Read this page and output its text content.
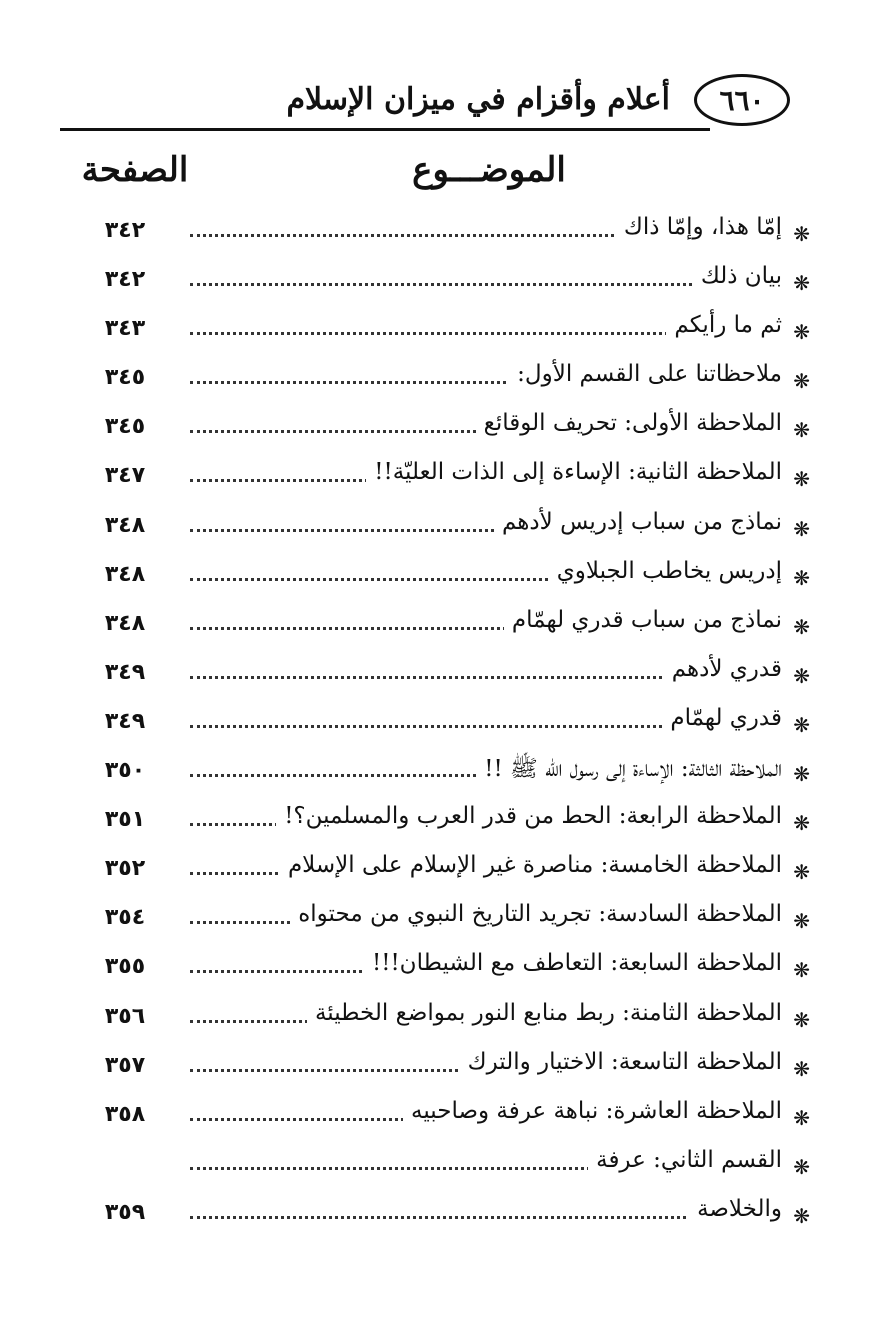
٦٦٠
أعلام وأقزام في ميزان الإسلام
الموضـــوع
الصفحة
❋
إمّا هذا، وإمّا ذاك
٣٤٢
❋
بيان ذلك
٣٤٢
❋
ثم ما رأيكم
٣٤٣
❋
ملاحظاتنا على القسم الأول:
٣٤٥
❋
الملاحظة الأولى: تحريف الوقائع
٣٤٥
❋
الملاحظة الثانية: الإساءة إلى الذات العليّة!!
٣٤٧
❋
نماذج من سباب إدريس لأدهم
٣٤٨
❋
إدريس يخاطب الجبلاوي
٣٤٨
❋
نماذج من سباب قدري لهمّام
٣٤٨
❋
قدري لأدهم
٣٤٩
❋
قدري لهمّام
٣٤٩
❋
الملاحظة الثالثة: الإساءة إلى رسول الله ﷺ !!
٣٥٠
❋
الملاحظة الرابعة: الحط من قدر العرب والمسلمين؟!
٣٥١
❋
الملاحظة الخامسة: مناصرة غير الإسلام على الإسلام
٣٥٢
❋
الملاحظة السادسة: تجريد التاريخ النبوي من محتواه
٣٥٤
❋
الملاحظة السابعة: التعاطف مع الشيطان!!!
٣٥٥
❋
الملاحظة الثامنة: ربط منابع النور بمواضع الخطيئة
٣٥٦
❋
الملاحظة التاسعة: الاختيار والترك
٣٥٧
❋
الملاحظة العاشرة: نباهة عرفة وصاحبيه
٣٥٨
❋
القسم الثاني: عرفة
❋
والخلاصة
٣٥٩
